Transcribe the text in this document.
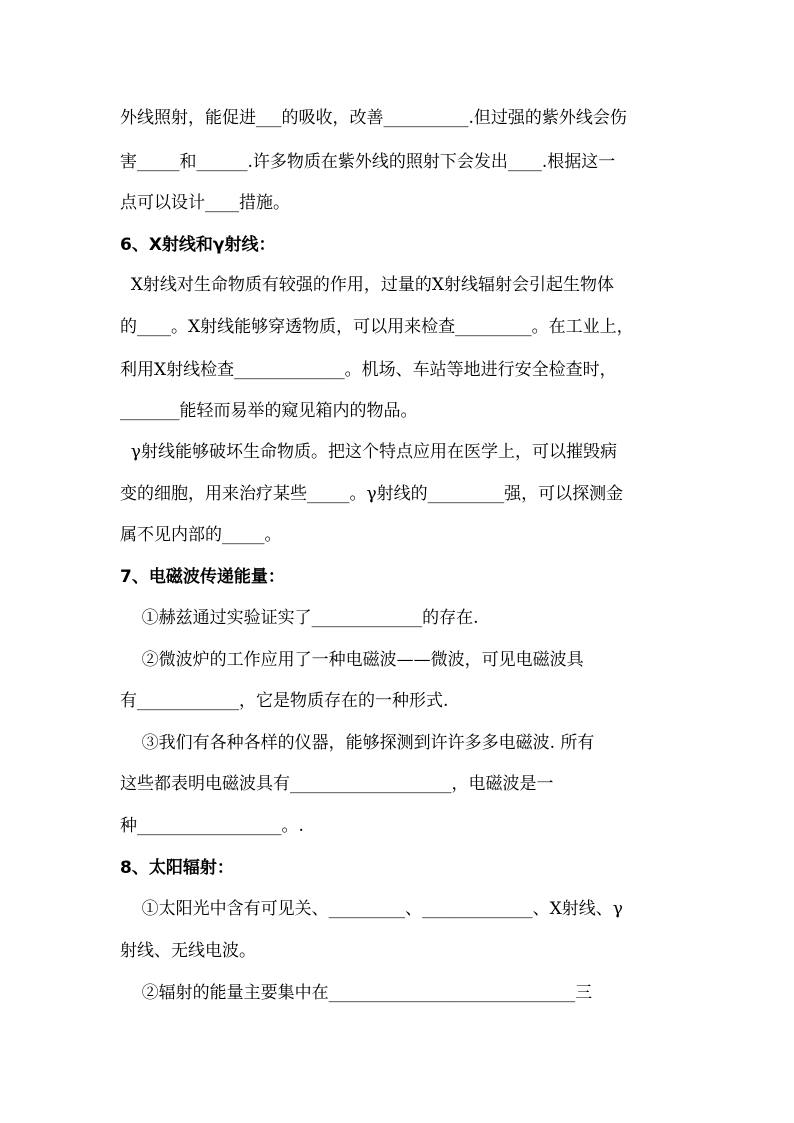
外线照射，能促进___的吸收，改善__________.但过强的紫外线会伤
害_____和______.许多物质在紫外线的照射下会发出____.根据这一
点可以设计____措施。
6、X射线和γ射线：
X射线对生命物质有较强的作用，过量的X射线辐射会引起生物体
的____。X射线能够穿透物质，可以用来检查_________。在工业上，
利用X射线检查_____________。机场、车站等地进行安全检查时，
_______能轻而易举的窥见箱内的物品。
γ射线能够破坏生命物质。把这个特点应用在医学上，可以摧毁病
变的细胞，用来治疗某些_____。γ射线的_________强，可以探测金
属不见内部的_____。
7、电磁波传递能量：
①赫兹通过实验证实了_____________的存在.
②微波炉的工作应用了一种电磁波——微波，可见电磁波具
有____________，它是物质存在的一种形式.
③我们有各种各样的仪器，能够探测到许许多多电磁波. 所有
这些都表明电磁波具有___________________，电磁波是一
种_________________。.
8、太阳辐射：
①太阳光中含有可见关、_________、_____________、X射线、γ
射线、无线电波。
②辐射的能量主要集中在_____________________________三
